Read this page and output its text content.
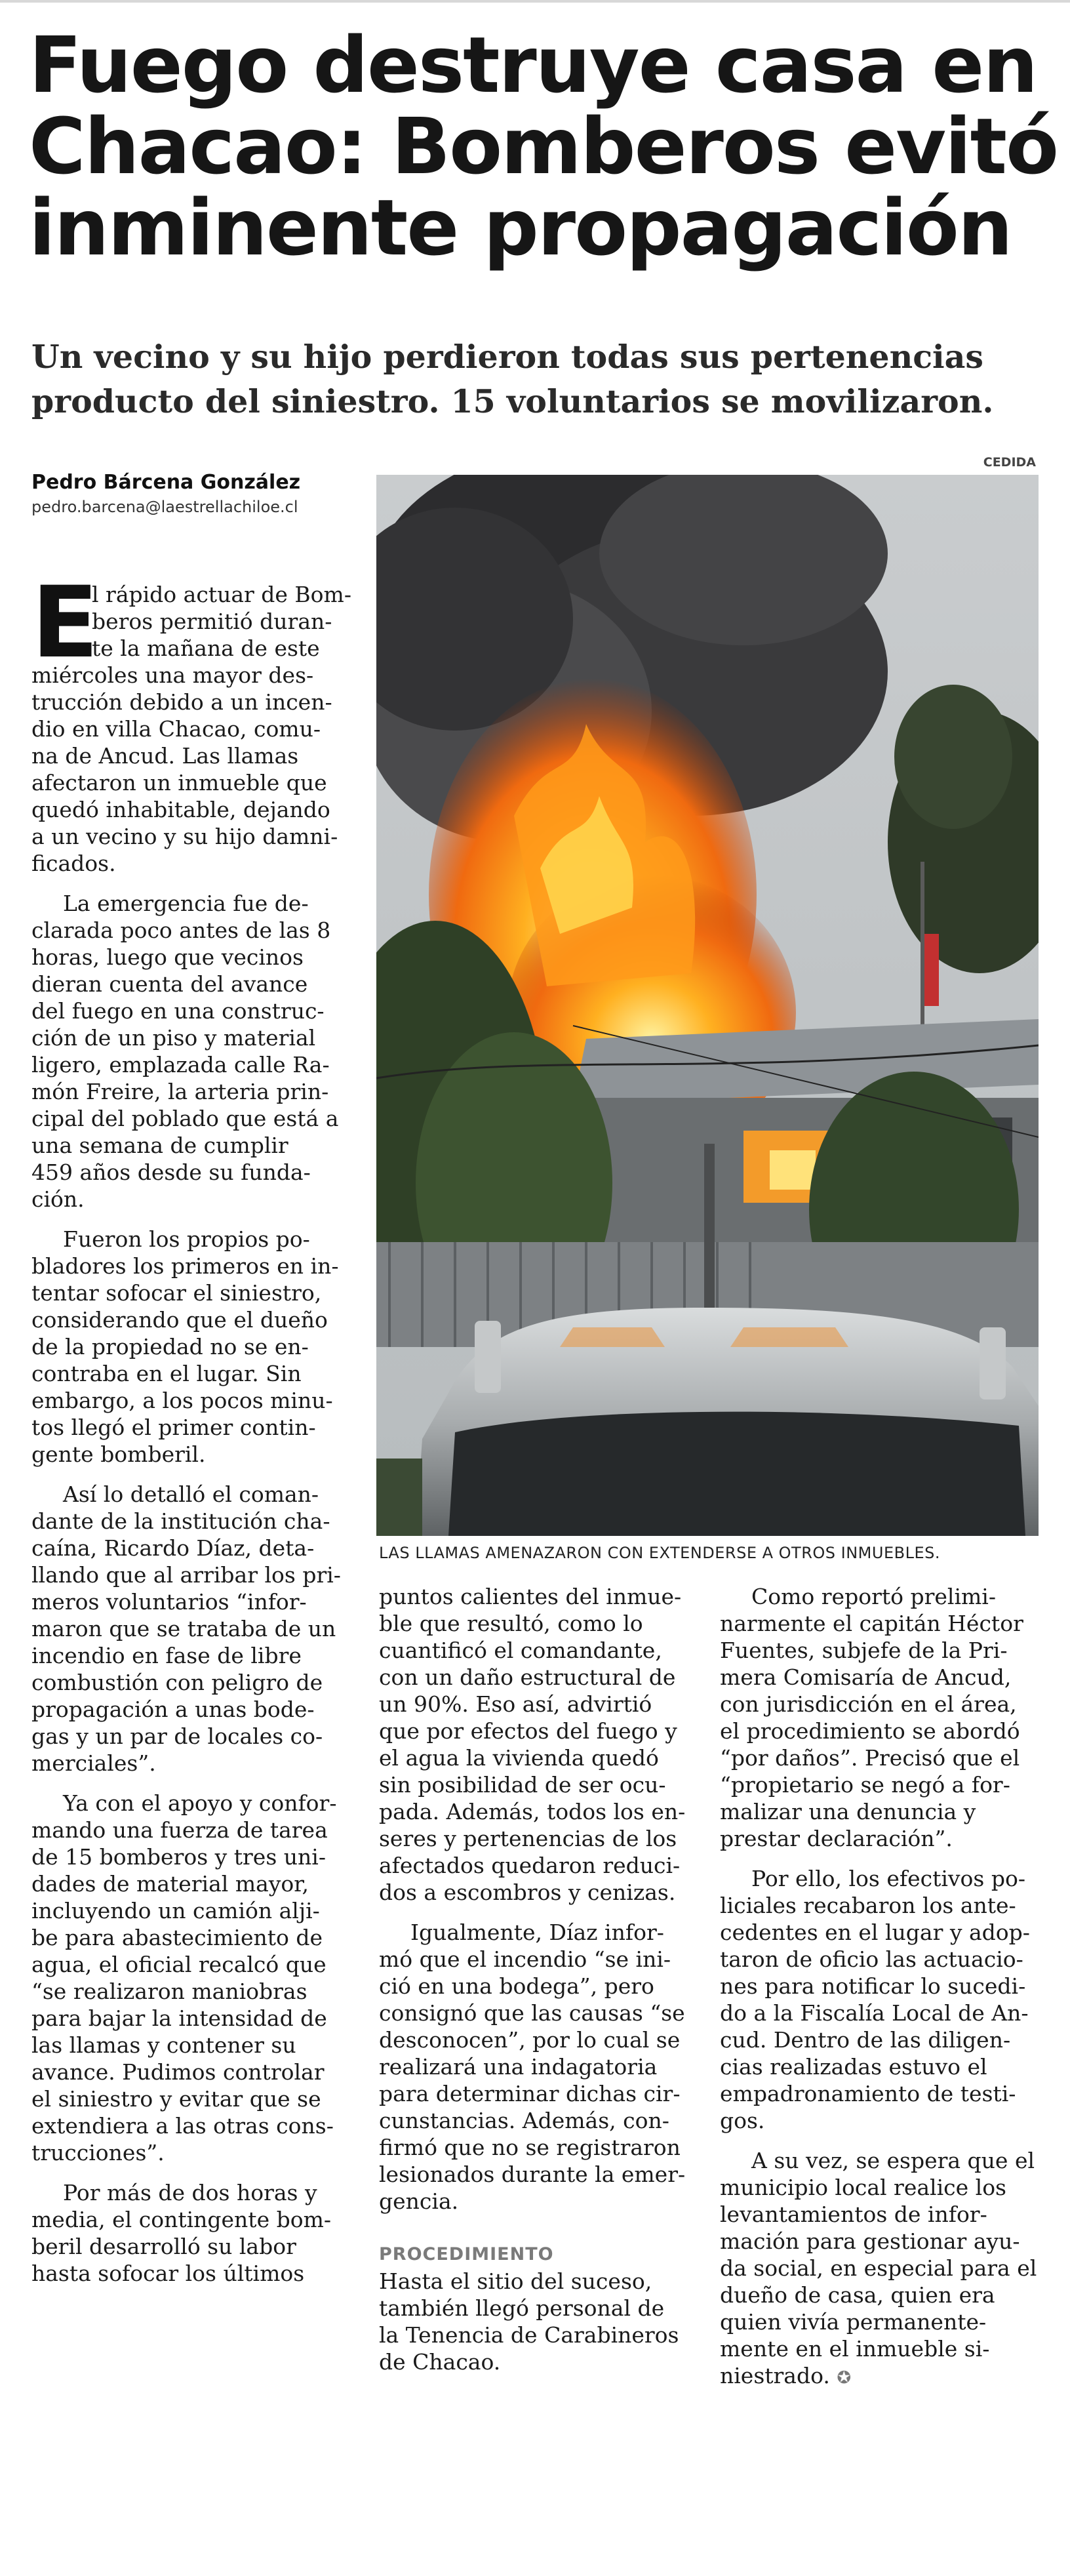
Fuego destruye casa en
Chacao: Bomberos evitó
inminente propagación
Un vecino y su hijo perdieron todas sus pertenencias
producto del siniestro. 15 voluntarios se movilizaron.
Pedro Bárcena González
pedro.barcena@laestrellachiloe.cl
CEDIDA
LAS LLAMAS AMENAZARON CON EXTENDERSE A OTROS INMUEBLES.
E
l rápido actuar de Bom-
beros permitió duran-
te la mañana de este
miércoles una mayor des-
trucción debido a un incen-
dio en villa Chacao, comu-
na de Ancud. Las llamas
afectaron un inmueble que
quedó inhabitable, dejando
a un vecino y su hijo damni-
ficados.
La emergencia fue de-
clarada poco antes de las 8
horas, luego que vecinos
dieran cuenta del avance
del fuego en una construc-
ción de un piso y material
ligero, emplazada calle Ra-
món Freire, la arteria prin-
cipal del poblado que está a
una semana de cumplir
459 años desde su funda-
ción.
Fueron los propios po-
bladores los primeros en in-
tentar sofocar el siniestro,
considerando que el dueño
de la propiedad no se en-
contraba en el lugar. Sin
embargo, a los pocos minu-
tos llegó el primer contin-
gente bomberil.
Así lo detalló el coman-
dante de la institución cha-
caína, Ricardo Díaz, deta-
llando que al arribar los pri-
meros voluntarios “infor-
maron que se trataba de un
incendio en fase de libre
combustión con peligro de
propagación a unas bode-
gas y un par de locales co-
merciales”.
Ya con el apoyo y confor-
mando una fuerza de tarea
de 15 bomberos y tres uni-
dades de material mayor,
incluyendo un camión alji-
be para abastecimiento de
agua, el oficial recalcó que
“se realizaron maniobras
para bajar la intensidad de
las llamas y contener su
avance. Pudimos controlar
el siniestro y evitar que se
extendiera a las otras cons-
trucciones”.
Por más de dos horas y
media, el contingente bom-
beril desarrolló su labor
hasta sofocar los últimos
puntos calientes del inmue-
ble que resultó, como lo
cuantificó el comandante,
con un daño estructural de
un 90%. Eso así, advirtió
que por efectos del fuego y
el agua la vivienda quedó
sin posibilidad de ser ocu-
pada. Además, todos los en-
seres y pertenencias de los
afectados quedaron reduci-
dos a escombros y cenizas.
Igualmente, Díaz infor-
mó que el incendio “se ini-
ció en una bodega”, pero
consignó que las causas “se
desconocen”, por lo cual se
realizará una indagatoria
para determinar dichas cir-
cunstancias. Además, con-
firmó que no se registraron
lesionados durante la emer-
gencia.
PROCEDIMIENTO
Hasta el sitio del suceso,
también llegó personal de
la Tenencia de Carabineros
de Chacao.
Como reportó prelimi-
narmente el capitán Héctor
Fuentes, subjefe de la Pri-
mera Comisaría de Ancud,
con jurisdicción en el área,
el procedimiento se abordó
“por daños”. Precisó que el
“propietario se negó a for-
malizar una denuncia y
prestar declaración”.
Por ello, los efectivos po-
liciales recabaron los ante-
cedentes en el lugar y adop-
taron de oficio las actuacio-
nes para notificar lo sucedi-
do a la Fiscalía Local de An-
cud. Dentro de las diligen-
cias realizadas estuvo el
empadronamiento de testi-
gos.
A su vez, se espera que el
municipio local realice los
levantamientos de infor-
mación para gestionar ayu-
da social, en especial para el
dueño de casa, quien era
quien vivía permanente-
mente en el inmueble si-
niestrado. ✪
